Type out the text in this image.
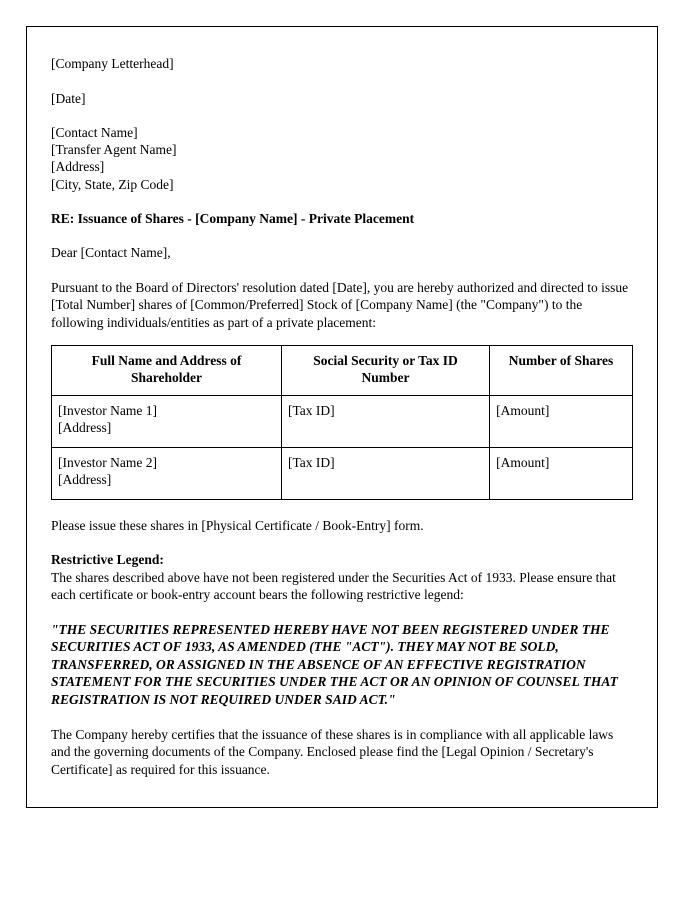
[Company Letterhead]

[Date]

[Contact Name]
[Transfer Agent Name]
[Address]
[City, State, Zip Code]

RE: Issuance of Shares - [Company Name] - Private Placement

Dear [Contact Name],

Pursuant to the Board of Directors' resolution dated [Date], you are hereby authorized and directed to issue [Total Number] shares of [Common/Preferred] Stock of [Company Name] (the "Company") to the following individuals/entities as part of a private placement:

Full Name and Address of Shareholder	Social Security or Tax ID Number	Number of Shares

[Investor Name 1]
[Address]	[Tax ID]	[Amount]

[Investor Name 2]
[Address]	[Tax ID]	[Amount]

Please issue these shares in [Physical Certificate / Book-Entry] form.

Restrictive Legend:

The shares described above have not been registered under the Securities Act of 1933. Please ensure that each certificate or book-entry account bears the following restrictive legend:

"THE SECURITIES REPRESENTED HEREBY HAVE NOT BEEN REGISTERED UNDER THE SECURITIES ACT OF 1933, AS AMENDED (THE "ACT"). THEY MAY NOT BE SOLD, TRANSFERRED, OR ASSIGNED IN THE ABSENCE OF AN EFFECTIVE REGISTRATION STATEMENT FOR THE SECURITIES UNDER THE ACT OR AN OPINION OF COUNSEL THAT REGISTRATION IS NOT REQUIRED UNDER SAID ACT."

The Company hereby certifies that the issuance of these shares is in compliance with all applicable laws and the governing documents of the Company. Enclosed please find the [Legal Opinion / Secretary's Certificate] as required for this issuance.
